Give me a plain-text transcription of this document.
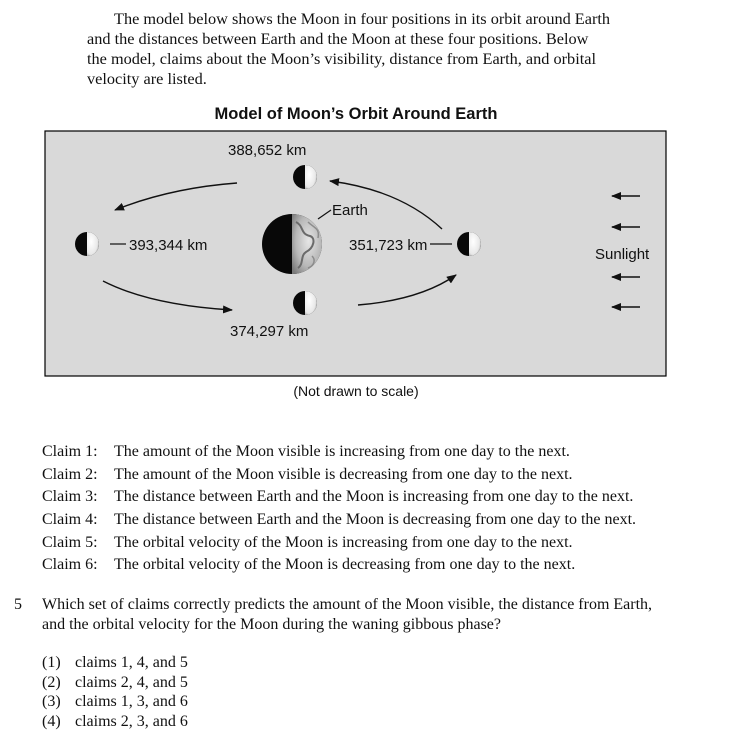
The model below shows the Moon in four positions in its orbit around Earth
and the distances between Earth and the Moon at these four positions. Below
the model, claims about the Moon’s visibility, distance from Earth, and orbital
velocity are listed.
Model of Moon’s Orbit Around Earth
388,652 km
393,344 km	351,723 km
374,297 km
Earth
Sunlight
(Not drawn to scale)
Claim 1:	The amount of the Moon visible is increasing from one day to the next.
Claim 2:	The amount of the Moon visible is decreasing from one day to the next.
Claim 3:	The distance between Earth and the Moon is increasing from one day to the next.
Claim 4:	The distance between Earth and the Moon is decreasing from one day to the next.
Claim 5:	The orbital velocity of the Moon is increasing from one day to the next.
Claim 6:	The orbital velocity of the Moon is decreasing from one day to the next.
5 Which set of claims correctly predicts the amount of the Moon visible, the distance from Earth,
and the orbital velocity for the Moon during the waning gibbous phase?
(1) claims 1, 4, and 5
(2) claims 2, 4, and 5
(3) claims 1, 3, and 6
(4) claims 2, 3, and 6
